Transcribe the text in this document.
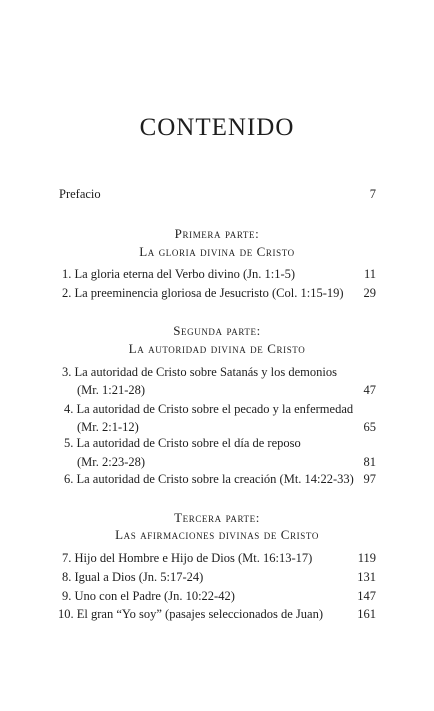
CONTENIDO
Prefacio	7
Primera parte:
La gloria divina de Cristo
1. La gloria eterna del Verbo divino (Jn. 1:1-5)	11
2. La preeminencia gloriosa de Jesucristo (Col. 1:15-19) 29
Segunda parte:
La autoridad divina de Cristo
3. La autoridad de Cristo sobre Satanás y los demonios
(Mr. 1:21-28)	47
4. La autoridad de Cristo sobre el pecado y la enfermedad
(Mr. 2:1-12)	65
5. La autoridad de Cristo sobre el día de reposo
(Mr. 2:23-28)	81
6. La autoridad de Cristo sobre la creación (Mt. 14:22-33) 97
Tercera parte:
Las afirmaciones divinas de Cristo
7. Hijo del Hombre e Hijo de Dios (Mt. 16:13-17)	119
8. Igual a Dios (Jn. 5:17-24)	131
9. Uno con el Padre (Jn. 10:22-42)	147
10. El gran “Yo soy” (pasajes seleccionados de Juan)	161
